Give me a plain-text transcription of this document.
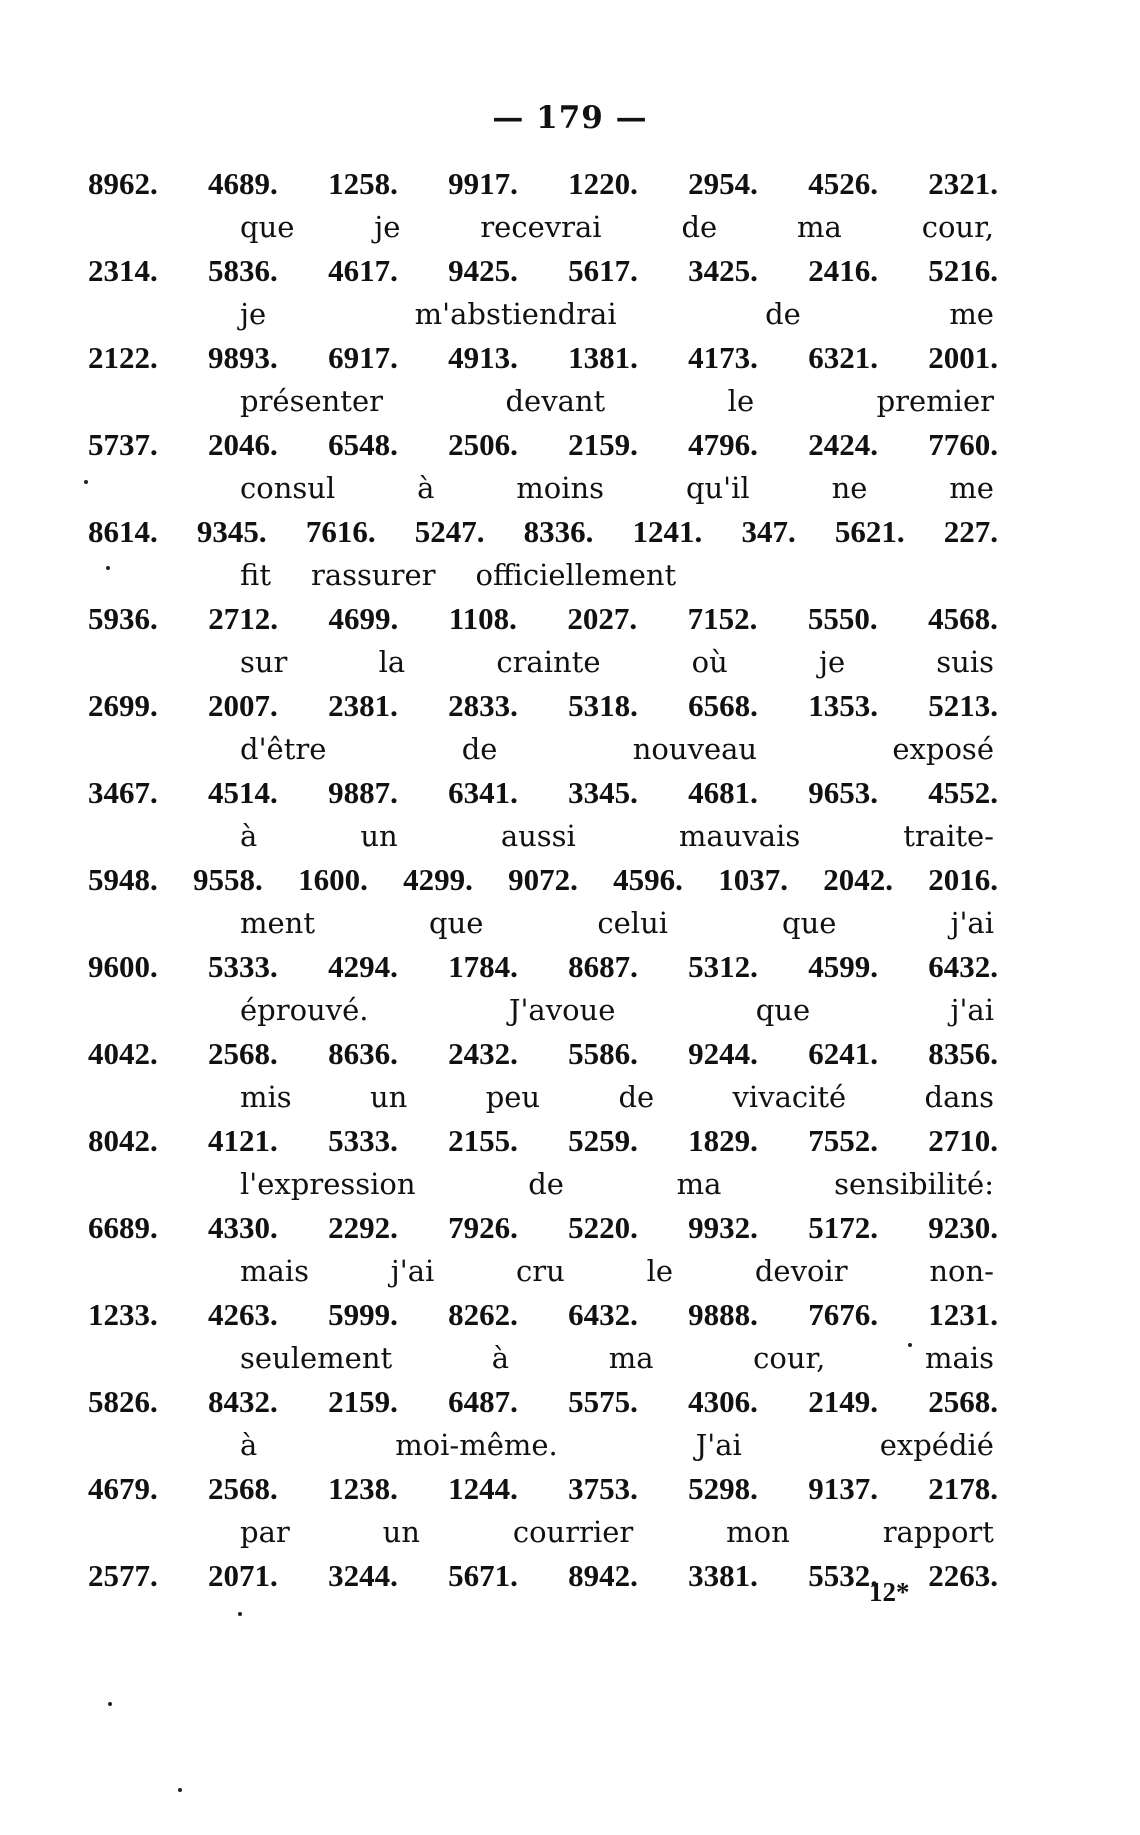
— 179 —
8962. 4689. 1258. 9917. 1220. 2954. 4526. 2321.
que	je	recevrai	de	ma	cour,
2314. 5836. 4617. 9425. 5617. 3425. 2416. 5216.
je	m'abstiendrai	de	me
2122. 9893. 6917. 4913. 1381. 4173. 6321. 2001.
présenter	devant	le	premier
5737. 2046. 6548. 2506. 2159. 4796. 2424. 7760.
consul	à	moins	qu'il	ne	me
8614. 9345. 7616. 5247. 8336. 1241. 347. 5621. 227.
fit rassurer officiellement
5936. 2712. 4699. 1108. 2027. 7152. 5550. 4568.
sur	la	crainte	où	je	suis
2699. 2007. 2381. 2833. 5318. 6568. 1353. 5213.
d'être	de	nouveau	exposé
3467. 4514. 9887. 6341. 3345. 4681. 9653. 4552.
à	un	aussi	mauvais	traite-
5948. 9558. 1600. 4299. 9072. 4596. 1037. 2042. 2016.
ment	que	celui	que	j'ai
9600. 5333. 4294. 1784. 8687. 5312. 4599. 6432.
éprouvé.	J'avoue	que	j'ai
4042. 2568. 8636. 2432. 5586. 9244. 6241. 8356.
mis	un	peu	de	vivacité	dans
8042. 4121. 5333. 2155. 5259. 1829. 7552. 2710.
l'expression	de	ma	sensibilité:
6689. 4330. 2292. 7926. 5220. 9932. 5172. 9230.
mais	j'ai	cru	le	devoir	non-
1233. 4263. 5999. 8262. 6432. 9888. 7676. 1231.
seulement	à	ma	cour,	mais
5826. 8432. 2159. 6487. 5575. 4306. 2149. 2568.
à	moi-même.	J'ai	expédié
4679. 2568. 1238. 1244. 3753. 5298. 9137. 2178.
par	un	courrier	mon	rapport
2577. 2071. 3244. 5671. 8942. 3381. 5532. 2263.
12*
